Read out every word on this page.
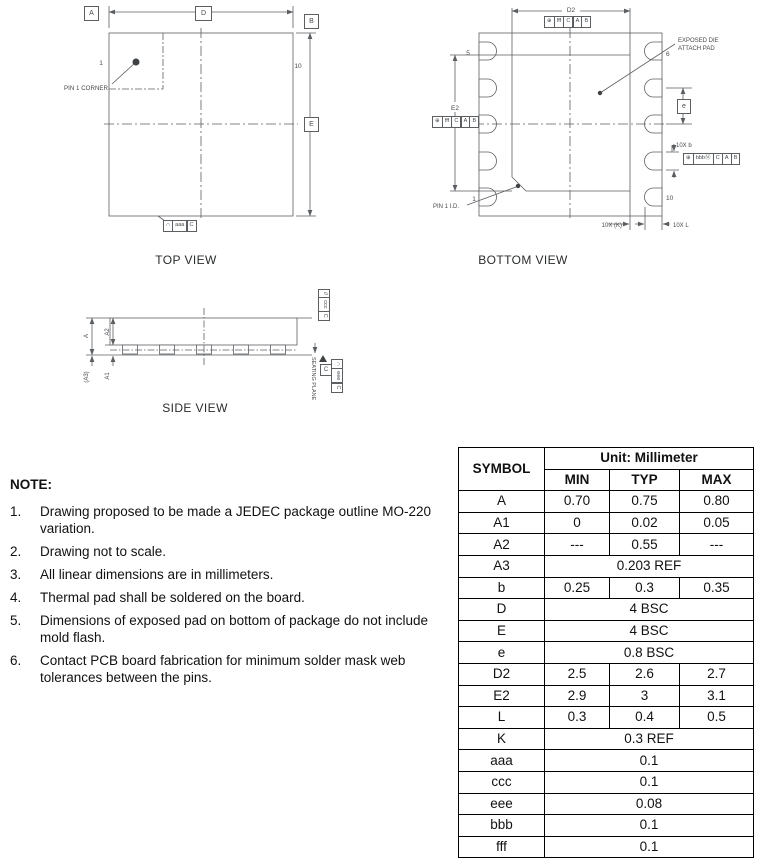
PIN 1 CORNER
1	10
A	D
B
E
∩ aaa C
TOP VIEW
D2
E2
5	6
1	10
EXPOSED DIE
ATTACH PAD
PIN 1 I.D.
10X b
10X (K)	10X L
⊕ fff C A B
⊕ fff C A B
⊕ bbb Ⓜ C A B
e
BOTTOM VIEW
A
A2
(A3)	A1
//
ccc
C
SEATING PLANE C
∩
eee
C
SIDE VIEW
NOTE:
1.	Drawing proposed to be made a JEDEC package outline MO-220 variation.
2.	Drawing not to scale.
3.	All linear dimensions are in millimeters.
4.	Thermal pad shall be soldered on the board.
5.	Dimensions of exposed pad on bottom of package do not include mold flash.
6.	Contact PCB board fabrication for minimum solder mask web tolerances between the pins.
SYMBOL	Unit: Millimeter		
	MIN	TYP	MAX
A	0.70	0.75	0.80
A1	0	0.02	0.05
A2	---	0.55	---
A3	0.203 REF		
b	0.25	0.3	0.35
D	4 BSC		
E	4 BSC		
e	0.8 BSC		
D2	2.5	2.6	2.7
E2	2.9	3	3.1
L	0.3	0.4	0.5
K	0.3 REF		
aaa	0.1		
ccc	0.1		
eee	0.08		
bbb	0.1		
fff	0.1		
